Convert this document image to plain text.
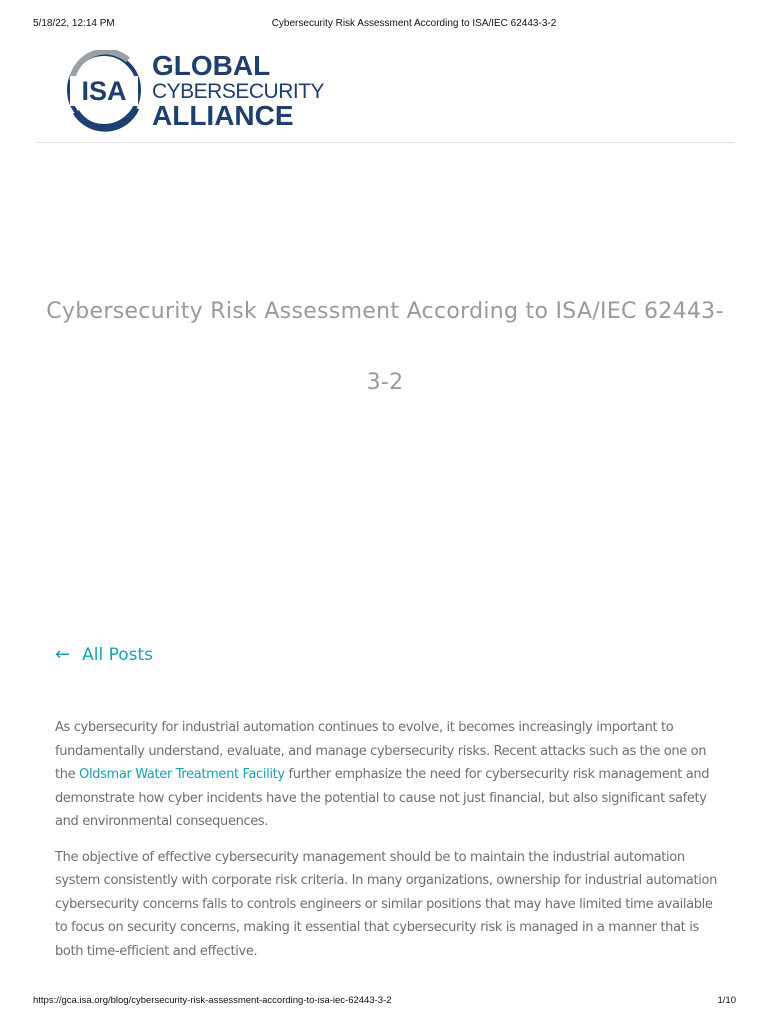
5/18/22, 12:14 PM	Cybersecurity Risk Assessment According to ISA/IEC 62443-3-2
ISA
GLOBAL
CYBERSECURITY
ALLIANCE
Cybersecurity Risk Assessment According to ISA/IEC 62443-3-2
← All Posts

As cybersecurity for industrial automation continues to evolve, it becomes increasingly important to fundamentally understand, evaluate, and manage cybersecurity risks. Recent attacks such as the one on the Oldsmar Water Treatment Facility further emphasize the need for cybersecurity risk management and demonstrate how cyber incidents have the potential to cause not just financial, but also significant safety and environmental consequences.

The objective of effective cybersecurity management should be to maintain the industrial automation system consistently with corporate risk criteria. In many organizations, ownership for industrial automation cybersecurity concerns falls to controls engineers or similar positions that may have limited time available to focus on security concerns, making it essential that cybersecurity risk is managed in a manner that is both time-efficient and effective.

https://gca.isa.org/blog/cybersecurity-risk-assessment-according-to-isa-iec-62443-3-2	1/10
